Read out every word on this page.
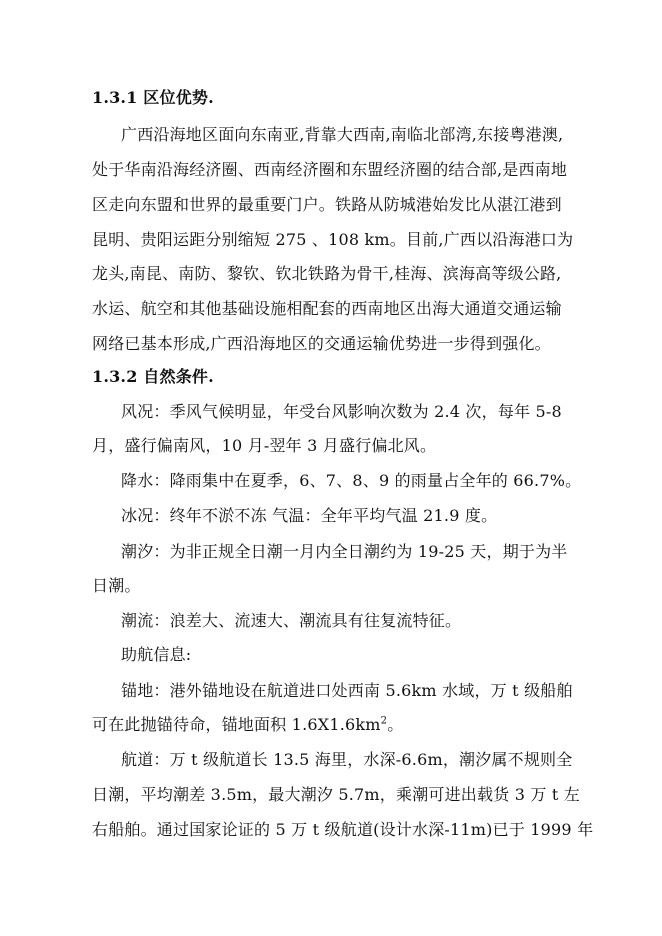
1.3.1 区位优势.
广西沿海地区面向东南亚,背靠大西南,南临北部湾,东接粤港澳,
处于华南沿海经济圈、西南经济圈和东盟经济圈的结合部,是西南地
区走向东盟和世界的最重要门户。铁路从防城港始发比从湛江港到
昆明、贵阳运距分别缩短 275 、108 km。目前,广西以沿海港口为
龙头,南昆、南防、黎钦、钦北铁路为骨干,桂海、滨海高等级公路,
水运、航空和其他基础设施相配套的西南地区出海大通道交通运输
网络已基本形成,广西沿海地区的交通运输优势进一步得到强化。
1.3.2 自然条件.
风况：季风气候明显，年受台风影响次数为 2.4 次，每年 5-8
月，盛行偏南风，10 月-翌年 3 月盛行偏北风。
降水：降雨集中在夏季，6、7、8、9 的雨量占全年的 66.7%。
冰况：终年不淤不冻 气温：全年平均气温 21.9 度。
潮汐：为非正规全日潮一月内全日潮约为 19-25 天，期于为半
日潮。
潮流：浪差大、流速大、潮流具有往复流特征。
助航信息:
锚地：港外锚地设在航道进口处西南 5.6km 水域，万 t 级船舶
可在此抛锚待命，锚地面积 $1.6X1.6km^2$。
航道：万 t 级航道长 13.5 海里，水深-6.6m，潮汐属不规则全
日潮，平均潮差 3.5m，最大潮汐 5.7m，乘潮可进出载货 3 万 t 左
右船舶。通过国家论证的 5 万 t 级航道(设计水深-11m)已于 1999 年
